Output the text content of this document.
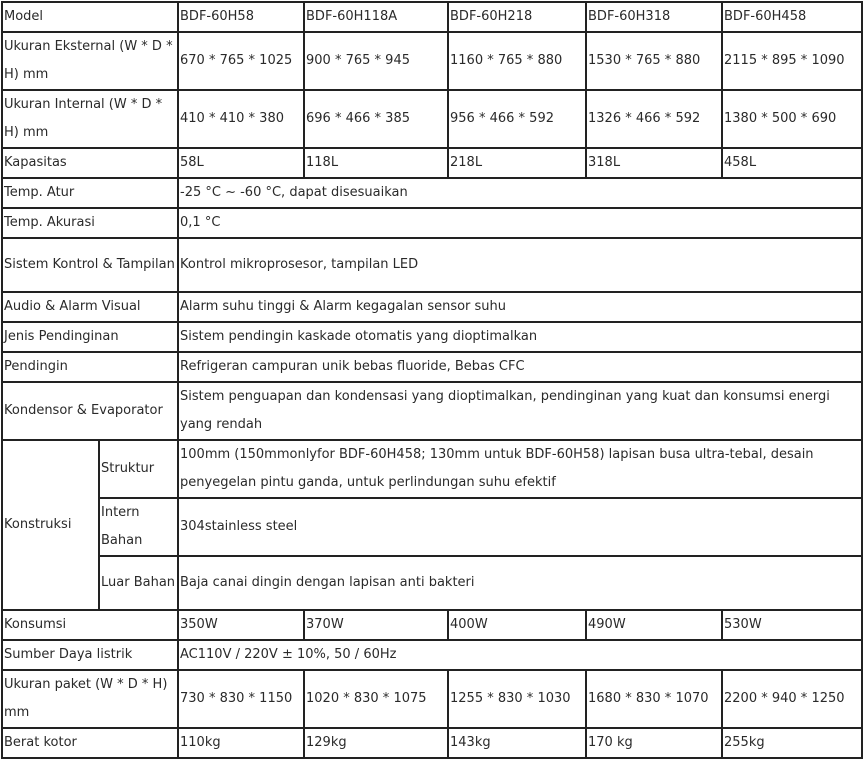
Model		BDF-60H58	BDF-60H118A	BDF-60H218	BDF-60H318	BDF-60H458
Ukuran Eksternal (W * D * H) mm		670 * 765 * 1025	900 * 765 * 945	1160 * 765 * 880	1530 * 765 * 880	2115 * 895 * 1090
Ukuran Internal (W * D * H) mm		410 * 410 * 380	696 * 466 * 385	956 * 466 * 592	1326 * 466 * 592	1380 * 500 * 690
Kapasitas		58L	118L	218L	318L	458L
Temp. Atur		-25 °C ~ -60 °C, dapat disesuaikan				
Temp. Akurasi		0,1 °C				
Sistem Kontrol & Tampilan		Kontrol mikroprosesor, tampilan LED				
Audio & Alarm Visual		Alarm suhu tinggi & Alarm kegagalan sensor suhu				
Jenis Pendinginan		Sistem pendingin kaskade otomatis yang dioptimalkan				
Pendingin		Refrigeran campuran unik bebas fluoride, Bebas CFC				
Kondensor & Evaporator		Sistem penguapan dan kondensasi yang dioptimalkan, pendinginan yang kuat dan konsumsi energi yang rendah				
Konstruksi	Struktur	100mm (150mmonlyfor BDF-60H458; 130mm untuk BDF-60H58) lapisan busa ultra-tebal, desain penyegelan pintu ganda, untuk perlindungan suhu efektif				
	Intern Bahan	304stainless steel				
	Luar Bahan	Baja canai dingin dengan lapisan anti bakteri				
Konsumsi		350W	370W	400W	490W	530W
Sumber Daya listrik		AC110V / 220V ± 10%, 50 / 60Hz				
Ukuran paket (W * D * H) mm		730 * 830 * 1150	1020 * 830 * 1075	1255 * 830 * 1030	1680 * 830 * 1070	2200 * 940 * 1250
Berat kotor		110kg	129kg	143kg	170 kg	255kg
